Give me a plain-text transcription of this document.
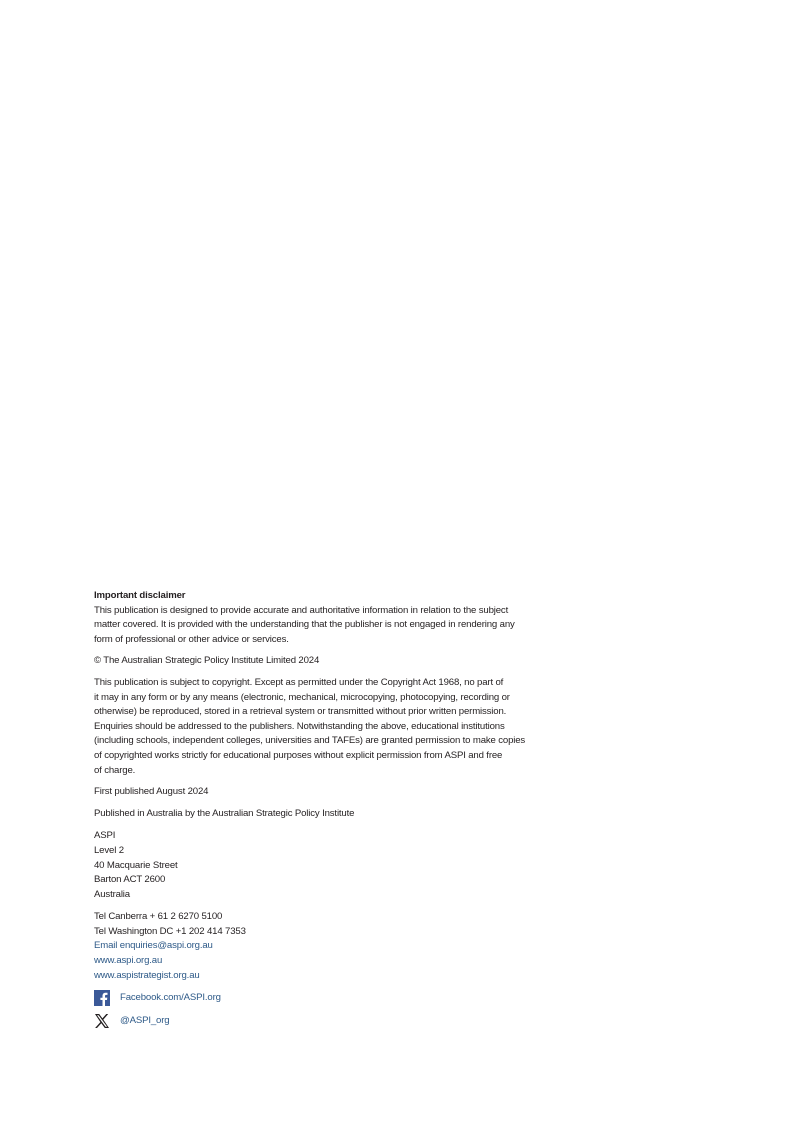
Important disclaimer

This publication is designed to provide accurate and authoritative information in relation to the subject
matter covered. It is provided with the understanding that the publisher is not engaged in rendering any
form of professional or other advice or services.

© The Australian Strategic Policy Institute Limited 2024

This publication is subject to copyright. Except as permitted under the Copyright Act 1968, no part of
it may in any form or by any means (electronic, mechanical, microcopying, photocopying, recording or
otherwise) be reproduced, stored in a retrieval system or transmitted without prior written permission.
Enquiries should be addressed to the publishers. Notwithstanding the above, educational institutions
(including schools, independent colleges, universities and TAFEs) are granted permission to make copies
of copyrighted works strictly for educational purposes without explicit permission from ASPI and free
of charge.

First published August 2024

Published in Australia by the Australian Strategic Policy Institute

ASPI
Level 2
40 Macquarie Street
Barton ACT 2600
Australia
Tel Canberra + 61 2 6270 5100
Tel Washington DC +1 202 414 7353
Email enquiries@aspi.org.au
www.aspi.org.au
www.aspistrategist.org.au
Facebook.com/ASPI.org
@ASPI_org
